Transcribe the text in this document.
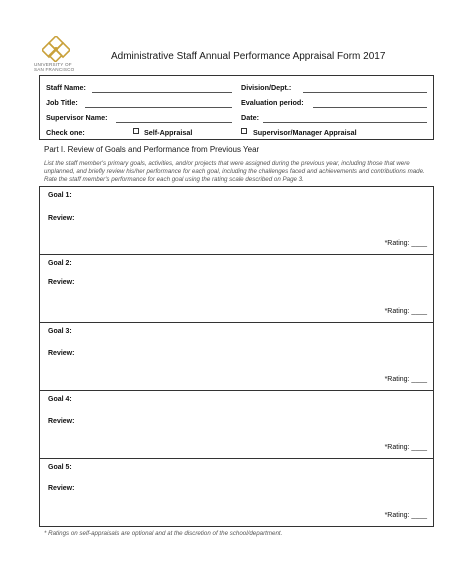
UNIVERSITY OF
SAN FRANCISCO
Administrative Staff Annual Performance Appraisal Form 2017
Staff Name:	Division/Dept.:
Job Title:	Evaluation period:
Supervisor Name:	Date:
Check one:	Self-Appraisal	Supervisor/Manager Appraisal
Part I. Review of Goals and Performance from Previous Year
List the staff member's primary goals, activities, and/or projects that were assigned during the previous year, including those that were unplanned, and briefly review his/her performance for each goal, including the challenges faced and achievements and contributions made. Rate the staff member's performance for each goal using the rating scale described on Page 3.
Goal 1:
Review:
*Rating: ____
Goal 2:
Review:
*Rating: ____
Goal 3:
Review:
*Rating: ____
Goal 4:
Review:
*Rating: ____
Goal 5:
Review:
*Rating: ____
* Ratings on self-appraisals are optional and at the discretion of the school/department.
